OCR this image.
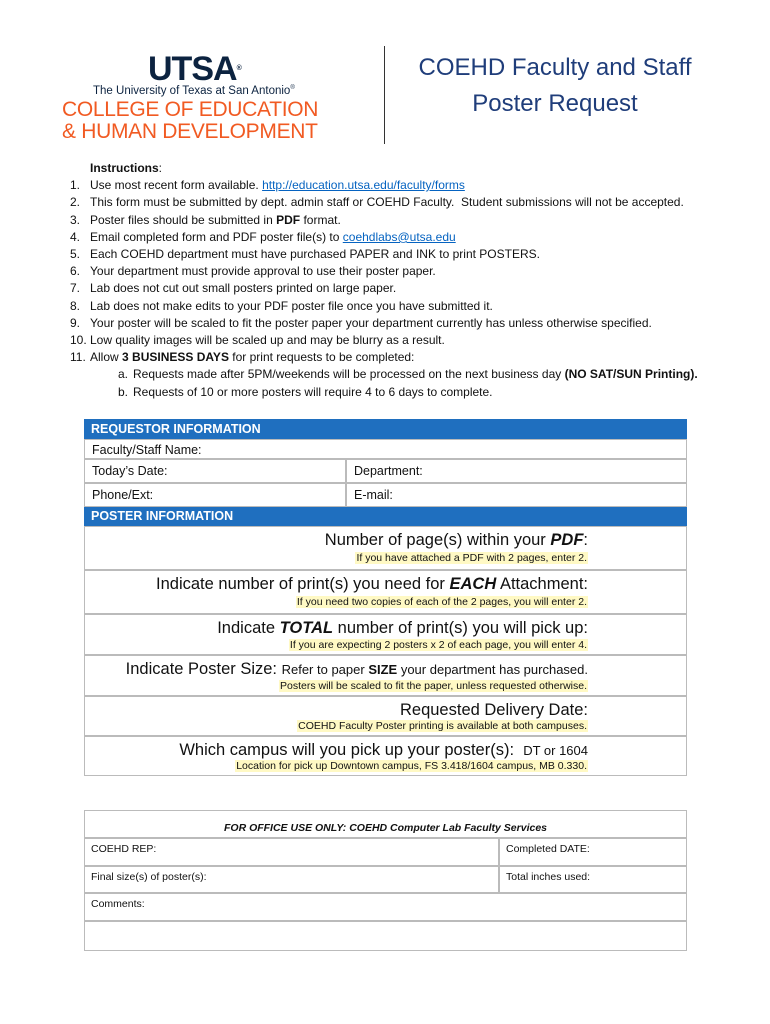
UTSA®
The University of Texas at San Antonio®
COLLEGE OF EDUCATION
& HUMAN DEVELOPMENT
COEHD Faculty and Staff
Poster Request
Instructions:
1. Use most recent form available. http://education.utsa.edu/faculty/forms
2. This form must be submitted by dept. admin staff or COEHD Faculty.  Student submissions will not be accepted.
3. Poster files should be submitted in PDF format.
4. Email completed form and PDF poster file(s) to coehdlabs@utsa.edu
5. Each COEHD department must have purchased PAPER and INK to print POSTERS.
6. Your department must provide approval to use their poster paper.
7. Lab does not cut out small posters printed on large paper.
8. Lab does not make edits to your PDF poster file once you have submitted it.
9. Your poster will be scaled to fit the poster paper your department currently has unless otherwise specified.
10. Low quality images will be scaled up and may be blurry as a result.
11. Allow 3 BUSINESS DAYS for print requests to be completed:
a. Requests made after 5PM/weekends will be processed on the next business day (NO SAT/SUN Printing).
b. Requests of 10 or more posters will require 4 to 6 days to complete.
REQUESTOR INFORMATION
Faculty/Staff Name:
Today’s Date:	Department:
Phone/Ext:	E-mail:
POSTER INFORMATION
Number of page(s) within your PDF:
If you have attached a PDF with 2 pages, enter 2.
Indicate number of print(s) you need for EACH Attachment:
If you need two copies of each of the 2 pages, you will enter 2.
Indicate TOTAL number of print(s) you will pick up:
If you are expecting 2 posters x 2 of each page, you will enter 4.
Indicate Poster Size: Refer to paper SIZE your department has purchased.
Posters will be scaled to fit the paper, unless requested otherwise.
Requested Delivery Date:
COEHD Faculty Poster printing is available at both campuses.
Which campus will you pick up your poster(s): DT or 1604
Location for pick up Downtown campus, FS 3.418/1604 campus, MB 0.330.
FOR OFFICE USE ONLY: COEHD Computer Lab Faculty Services
COEHD REP:	Completed DATE:
Final size(s) of poster(s):	Total inches used:
Comments:
